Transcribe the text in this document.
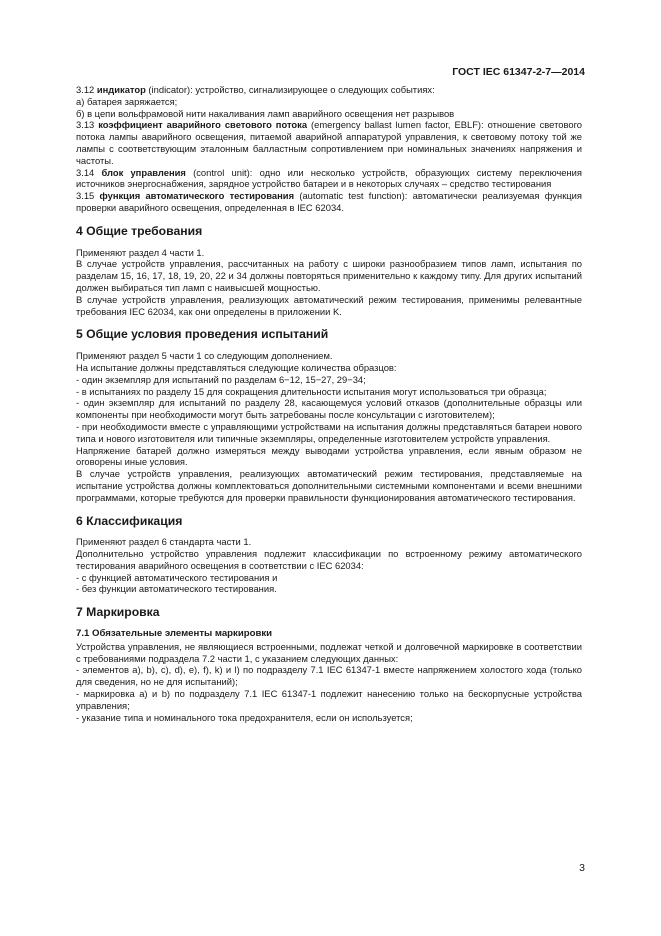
ГОСТ IEC 61347-2-7—2014

3.12 индикатор (indicator): устройство, сигнализирующее о следующих событиях:

а) батарея заряжается;

б) в цепи вольфрамовой нити накаливания ламп аварийного освещения нет разрывов

3.13 коэффициент аварийного светового потока (emergency ballast lumen factor, EBLF): отношение светового потока лампы аварийного освещения, питаемой аварийной аппаратурой управления, к световому потоку той же лампы с соответствующим эталонным балластным сопротивлением при номинальных значениях напряжения и частоты.

3.14 блок управления (control unit): одно или несколько устройств, образующих систему переключения источников энергоснабжения, зарядное устройство батареи и в некоторых случаях – средство тестирования

3.15 функция автоматического тестирования (automatic test function): автоматически реализуемая функция проверки аварийного освещения, определенная в IEC 62034.

4 Общие требования

Применяют раздел 4 части 1.

В случае устройств управления, рассчитанных на работу с широки разнообразием типов ламп, испытания по разделам 15, 16, 17, 18, 19, 20, 22 и 34 должны повторяться применительно к каждому типу. Для других испытаний должен выбираться тип ламп с наивысшей мощностью.

В случае устройств управления, реализующих автоматический режим тестирования, применимы релевантные требования IEC 62034, как они определены в приложении K.

5 Общие условия проведения испытаний

Применяют раздел 5 части 1 со следующим дополнением.

На испытание должны представляться следующие количества образцов:

- один экземпляр для испытаний по разделам 6−12, 15−27, 29−34;

- в испытаниях по разделу 15 для сокращения длительности испытания могут использоваться три образца;

- один экземпляр для испытаний по разделу 28, касающемуся условий отказов (дополнительные образцы или компоненты при необходимости могут быть затребованы после консультации с изготовителем);

- при необходимости вместе с управляющими устройствами на испытания должны представляться батареи нового типа и нового изготовителя или типичные экземпляры, определенные изготовителем устройств управления.

Напряжение батарей должно измеряться между выводами устройства управления, если явным образом не оговорены иные условия.

В случае устройств управления, реализующих автоматический режим тестирования, представляемые на испытание устройства должны комплектоваться дополнительными системными компонентами и всеми внешними программами, которые требуются для проверки правильности функционирования автоматического тестирования.

6 Классификация

Применяют раздел 6 стандарта части 1.

Дополнительно устройство управления подлежит классификации по встроенному режиму автоматического тестирования аварийного освещения в соответствии с IEC 62034:

- с функцией автоматического тестирования и

- без функции автоматического тестирования.

7 Маркировка

7.1 Обязательные элементы маркировки

Устройства управления, не являющиеся встроенными, подлежат четкой и долговечной маркировке в соответствии с требованиями подраздела 7.2 части 1, с указанием следующих данных:

- элементов а), b), c), d), e), f), k) и l) по подразделу 7.1 IEC 61347-1 вместе напряжением холостого хода (только для сведения, но не для испытаний);

- маркировка а) и b) по подразделу 7.1 IEC 61347-1 подлежит нанесению только на бескорпусные устройства управления;

- указание типа и номинального тока предохранителя, если он используется;

3
